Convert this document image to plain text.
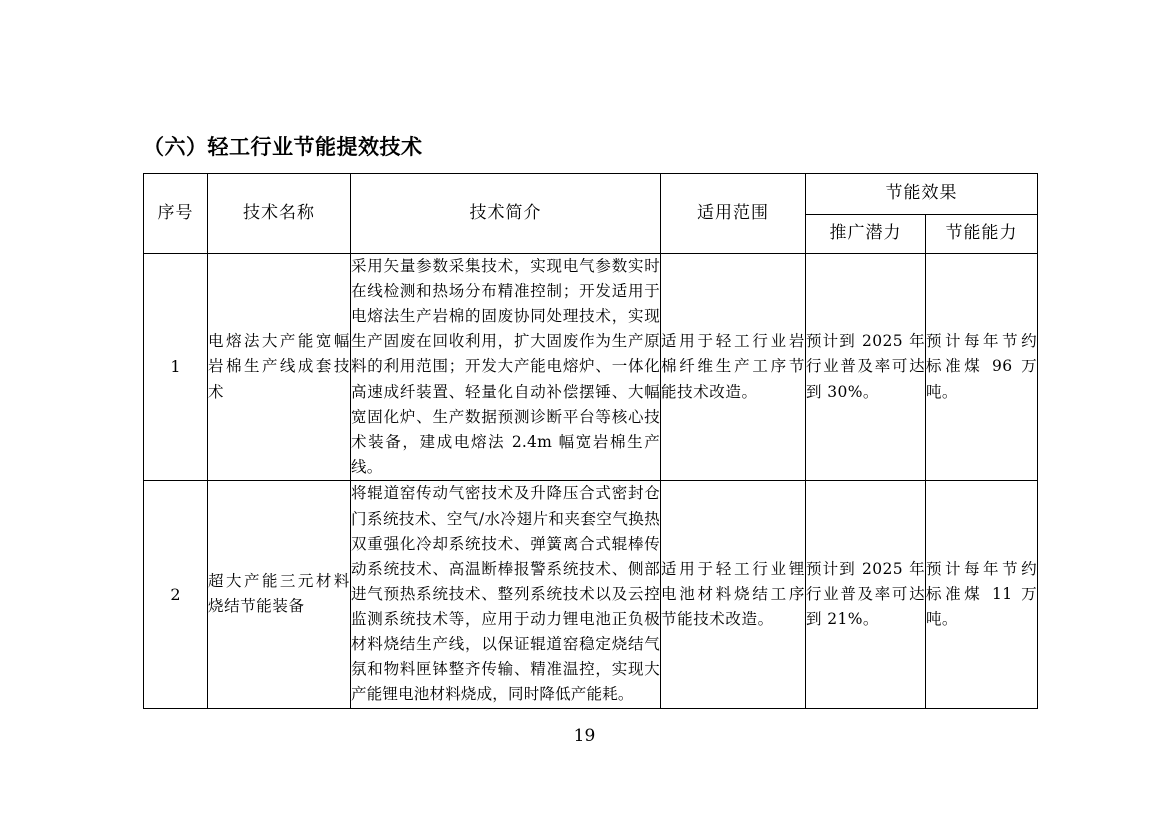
（六）轻工行业节能提效技术
序号	技术名称	技术简介	适用范围	节能效果	
				推广潜力	节能能力
1	电熔法大产能宽幅岩棉生产线成套技术	采用矢量参数采集技术，实现电气参数实时在线检测和热场分布精准控制；开发适用于电熔法生产岩棉的固废协同处理技术，实现生产固废在回收利用，扩大固废作为生产原料的利用范围；开发大产能电熔炉、一体化高速成纤装置、轻量化自动补偿摆锤、大幅宽固化炉、生产数据预测诊断平台等核心技术装备，建成电熔法 2.4m 幅宽岩棉生产线。	适用于轻工行业岩棉纤维生产工序节能技术改造。	预计到 2025 年行业普及率可达到 30%。	预计每年节约标准煤 96 万吨。
2	超大产能三元材料烧结节能装备	将辊道窑传动气密技术及升降压合式密封仓门系统技术、空气/水冷翅片和夹套空气换热双重强化冷却系统技术、弹簧离合式辊棒传动系统技术、高温断棒报警系统技术、侧部进气预热系统技术、整列系统技术以及云控监测系统技术等，应用于动力锂电池正负极材料烧结生产线，以保证辊道窑稳定烧结气氛和物料匣钵整齐传输、精准温控，实现大产能锂电池材料烧成，同时降低产能耗。	适用于轻工行业锂电池材料烧结工序节能技术改造。	预计到 2025 年行业普及率可达到 21%。	预计每年节约标准煤 11 万吨。
19
